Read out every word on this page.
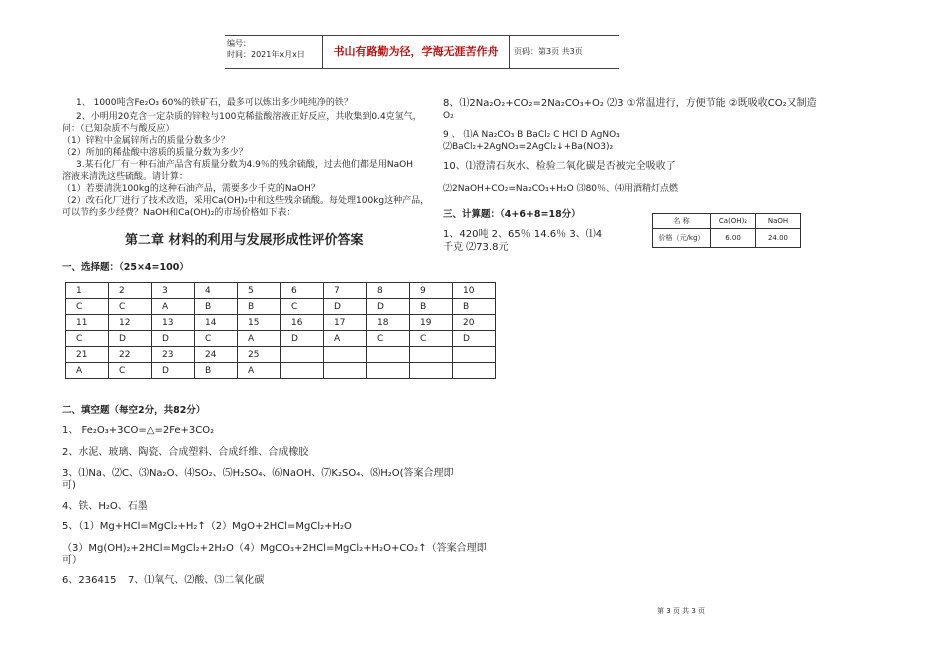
编号：
时间：2021年x月x日	书山有路勤为径，学海无涯苦作舟	页码：第3页 共3页
1、 1000吨含Fe₂O₃ 60%的铁矿石，最多可以炼出多少吨纯净的铁？
2、小明用20克含一定杂质的锌粒与100克稀盐酸溶液正好反应，共收集到0.4克氢气，
问：（已知杂质不与酸反应）
（1）锌粒中金属锌所占的质量分数多少？
（2）所加的稀盐酸中溶质的质量分数为多少？
3.某石化厂有一种石油产品含有质量分数为4.9％的残余硫酸，过去他们都是用NaOH
溶液来清洗这些硫酸。请计算：
（1）若要清洗100kg的这种石油产品，需要多少千克的NaOH？
（2）改石化厂进行了技术改造，采用Ca(OH)₂中和这些残余硫酸。每处理100kg这种产品，
可以节约多少经费？NaOH和Ca(OH)₂的市场价格如下表：
第二章 材料的利用与发展形成性评价答案
一、选择题：（25×4=100）
1	2	3	4	5	6	7	8	9	10
C	C	A	B	B	C	D	D	B	B
11	12	13	14	15	16	17	18	19	20
C	D	D	C	A	D	A	C	C	D
21	22	23	24	25					
A	C	D	B	A					
二、填空题（每空2分，共82分）
1、 Fe₂O₃+3CO=△=2Fe+3CO₂
2、水泥、玻璃、陶瓷、合成塑料、合成纤维、合成橡胶
3、⑴Na、⑵C、⑶Na₂O、⑷SO₂、⑸H₂SO₄、⑹NaOH、⑺K₂SO₄、⑻H₂O(答案合理即
可)
4、铁、H₂O、石墨
5、（1）Mg+HCl=MgCl₂+H₂↑（2）MgO+2HCl=MgCl₂+H₂O
（3）Mg(OH)₂+2HCl=MgCl₂+2H₂O（4）MgCO₃+2HCl=MgCl₂+H₂O+CO₂↑（答案合理即
可）
6、236415 7、⑴氧气、⑵酸、⑶二氧化碳
8、⑴2Na₂O₂+CO₂=2Na₂CO₃+O₂ ⑵3 ①常温进行，方便节能 ②既吸收CO₂又制造
O₂
9 、 ⑴A Na₂CO₃ B BaCl₂ C HCl D AgNO₃
⑵BaCl₂+2AgNO₃=2AgCl₂↓+Ba(NO3)₂
10、⑴澄清石灰水、检验二氧化碳是否被完全吸收了
⑵2NaOH+CO₂=Na₂CO₃+H₂O ⑶80％、⑷用酒精灯点燃
三、计算题：（4+6+8=18分）
1、420吨 2、65％ 14.6％ 3、⑴4
千克 ⑵73.8元
名 称	Ca(OH)₂	NaOH
价格（元/kg）	6.00	24.00
第 3 页 共 3 页
